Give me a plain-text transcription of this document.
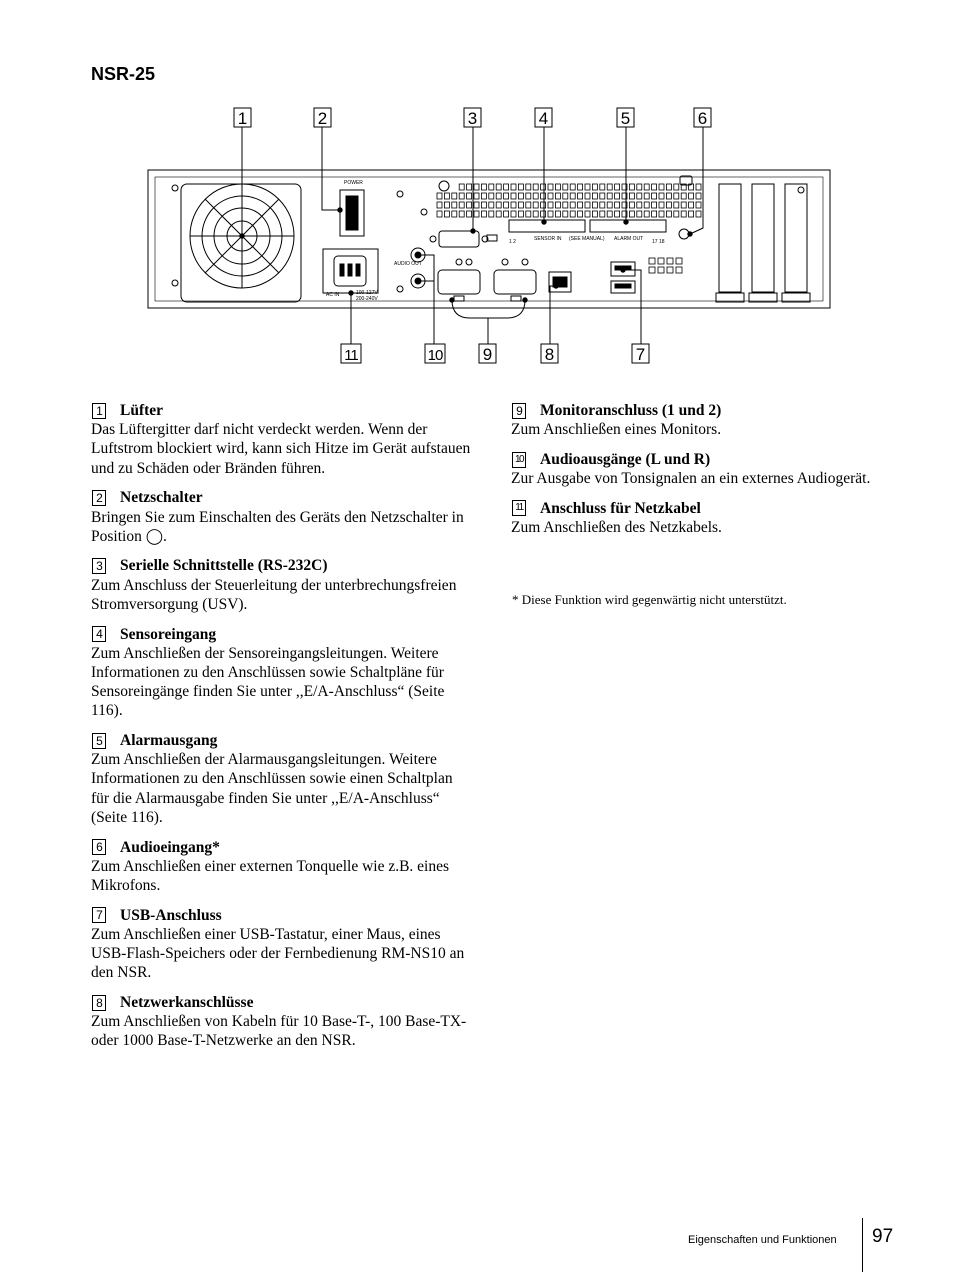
NSR-25
POWER
SENSOR IN (SEE MANUAL) ALARM OUT
AUDIO OUT
AC IN	100-127V
200-240V
1 2	17 18
1	2	3	4	5	6
7
8
9
10
11
1 Lüfter
Das Lüftergitter darf nicht verdeckt werden. Wenn der Luftstrom blockiert wird, kann sich Hitze im Gerät aufstauen und zu Schäden oder Bränden führen.
2 Netzschalter
Bringen Sie zum Einschalten des Geräts den Netzschalter in Position ◯.
3 Serielle Schnittstelle (RS-232C)
Zum Anschluss der Steuerleitung der unterbrechungsfreien Stromversorgung (USV).
4 Sensoreingang
Zum Anschließen der Sensoreingangsleitungen. Weitere Informationen zu den Anschlüssen sowie Schaltpläne für Sensoreingänge finden Sie unter ,,E/A-Anschluss“ (Seite 116).
5 Alarmausgang
Zum Anschließen der Alarmausgangsleitungen. Weitere Informationen zu den Anschlüssen sowie einen Schaltplan für die Alarmausgabe finden Sie unter ,,E/A-Anschluss“ (Seite 116).
6 Audioeingang*
Zum Anschließen einer externen Tonquelle wie z.B. eines Mikrofons.
7 USB-Anschluss
Zum Anschließen einer USB-Tastatur, einer Maus, eines USB-Flash-Speichers oder der Fernbedienung RM-NS10 an den NSR.
8 Netzwerkanschlüsse
Zum Anschließen von Kabeln für 10 Base-T-, 100 Base-TX- oder 1000 Base-T-Netzwerke an den NSR.
9 Monitoranschluss (1 und 2)
Zum Anschließen eines Monitors.
10 Audioausgänge (L und R)
Zur Ausgabe von Tonsignalen an ein externes Audiogerät.
11 Anschluss für Netzkabel
Zum Anschließen des Netzkabels.
* Diese Funktion wird gegenwärtig nicht unterstützt.
Eigenschaften und Funktionen 97
